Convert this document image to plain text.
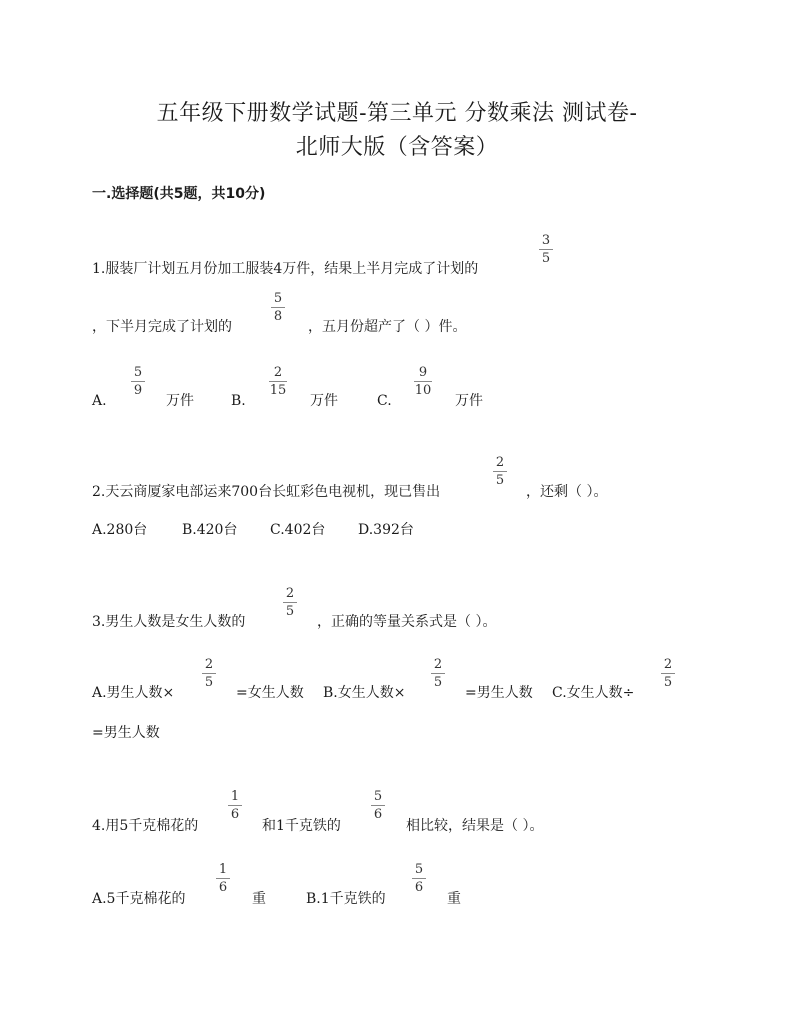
五年级下册数学试题-第三单元 分数乘法 测试卷-
北师大版（含答案）
一.选择题(共5题，共10分)
1.服装厂计划五月份加工服装4万件，结果上半月完成了计划的
3
5
，下半月完成了计划的
5
8
，五月份超产了（ ）件。
A.
5
9
万件	B.
2
15
万件	C.
9
10
万件
2.天云商厦家电部运来700台长虹彩色电视机，现已售出
2
5
，还剩（ ）。
A.280台 B.420台 C.402台 D.392台
3.男生人数是女生人数的
2
5
，正确的等量关系式是（ ）。
A.男生人数×
2
5
=女生人数 B.女生人数×
2
5
=男生人数 C.女生人数÷
2
5
=男生人数
4.用5千克棉花的
1
6
和1千克铁的
5
6
相比较，结果是（ ）。
A.5千克棉花的
1
6
重	B.1千克铁的
5
6
重
